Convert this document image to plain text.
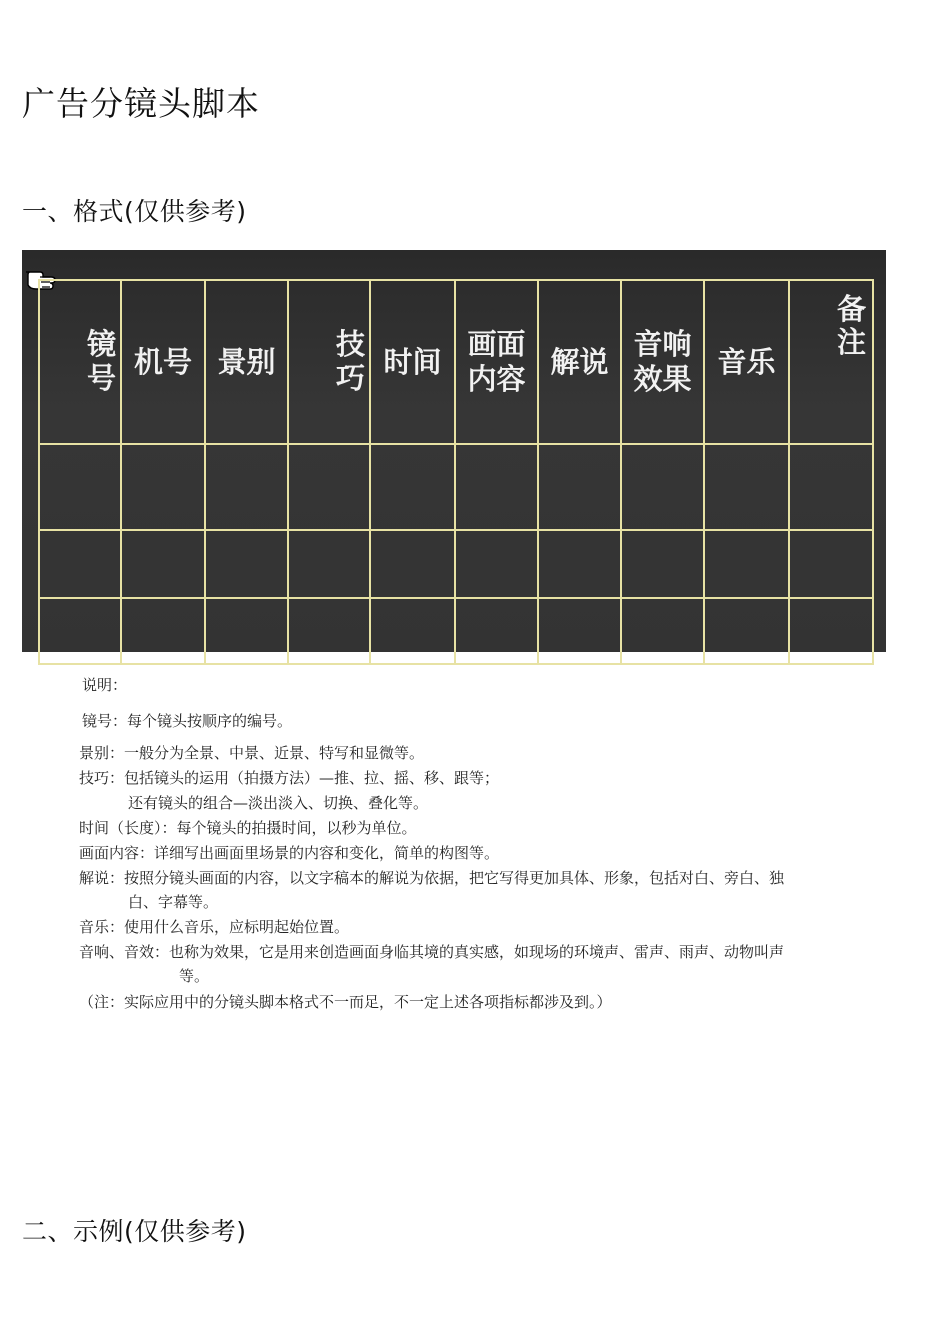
广告分镜头脚本
一、格式(仅供参考)
镜号	机号	景别	技巧	时间	画面内容	解说	音响效果	音乐	备注

说明：
镜号：每个镜头按顺序的编号。
景别：一般分为全景、中景、近景、特写和显微等。
技巧：包括镜头的运用（拍摄方法）—推、拉、摇、移、跟等；
还有镜头的组合—淡出淡入、切换、叠化等。
时间（长度）：每个镜头的拍摄时间，以秒为单位。
画面内容：详细写出画面里场景的内容和变化，简单的构图等。
解说：按照分镜头画面的内容，以文字稿本的解说为依据，把它写得更加具体、形象，包括对白、旁白、独
白、字幕等。
音乐：使用什么音乐，应标明起始位置。
音响、音效：也称为效果，它是用来创造画面身临其境的真实感，如现场的环境声、雷声、雨声、动物叫声
等。
（注：实际应用中的分镜头脚本格式不一而足，不一定上述各项指标都涉及到。）
二、示例(仅供参考)
